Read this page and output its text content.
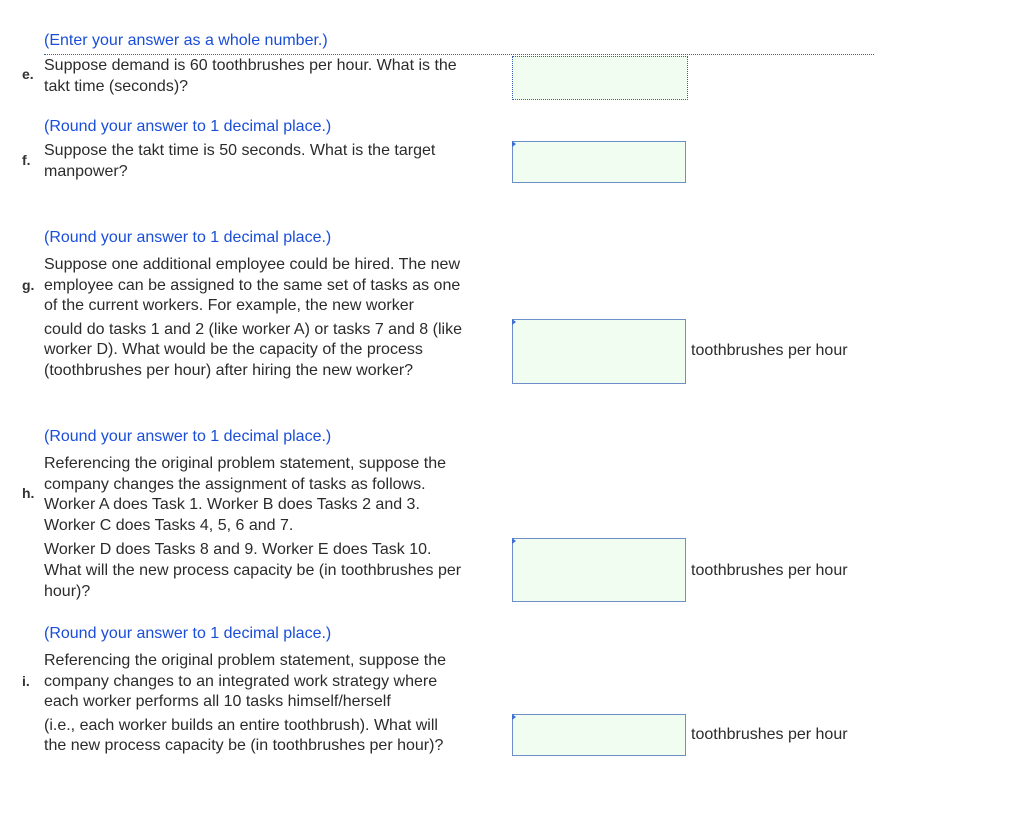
(Enter your answer as a whole number.)
e. Suppose demand is 60 toothbrushes per hour. What is the
takt time (seconds)?
(Round your answer to 1 decimal place.)
f.
Suppose the takt time is 50 seconds. What is the target
manpower?
(Round your answer to 1 decimal place.)
g.
Suppose one additional employee could be hired. The new
employee can be assigned to the same set of tasks as one
of the current workers. For example, the new worker
could do tasks 1 and 2 (like worker A) or tasks 7 and 8 (like
worker D). What would be the capacity of the process
(toothbrushes per hour) after hiring the new worker?
toothbrushes per hour
(Round your answer to 1 decimal place.)
h.
Referencing the original problem statement, suppose the
company changes the assignment of tasks as follows.
Worker A does Task 1. Worker B does Tasks 2 and 3.
Worker C does Tasks 4, 5, 6 and 7.
Worker D does Tasks 8 and 9. Worker E does Task 10.
What will the new process capacity be (in toothbrushes per
hour)?
toothbrushes per hour
(Round your answer to 1 decimal place.)
i.
Referencing the original problem statement, suppose the
company changes to an integrated work strategy where
each worker performs all 10 tasks himself/herself
(i.e., each worker builds an entire toothbrush). What will
the new process capacity be (in toothbrushes per hour)?
toothbrushes per hour
